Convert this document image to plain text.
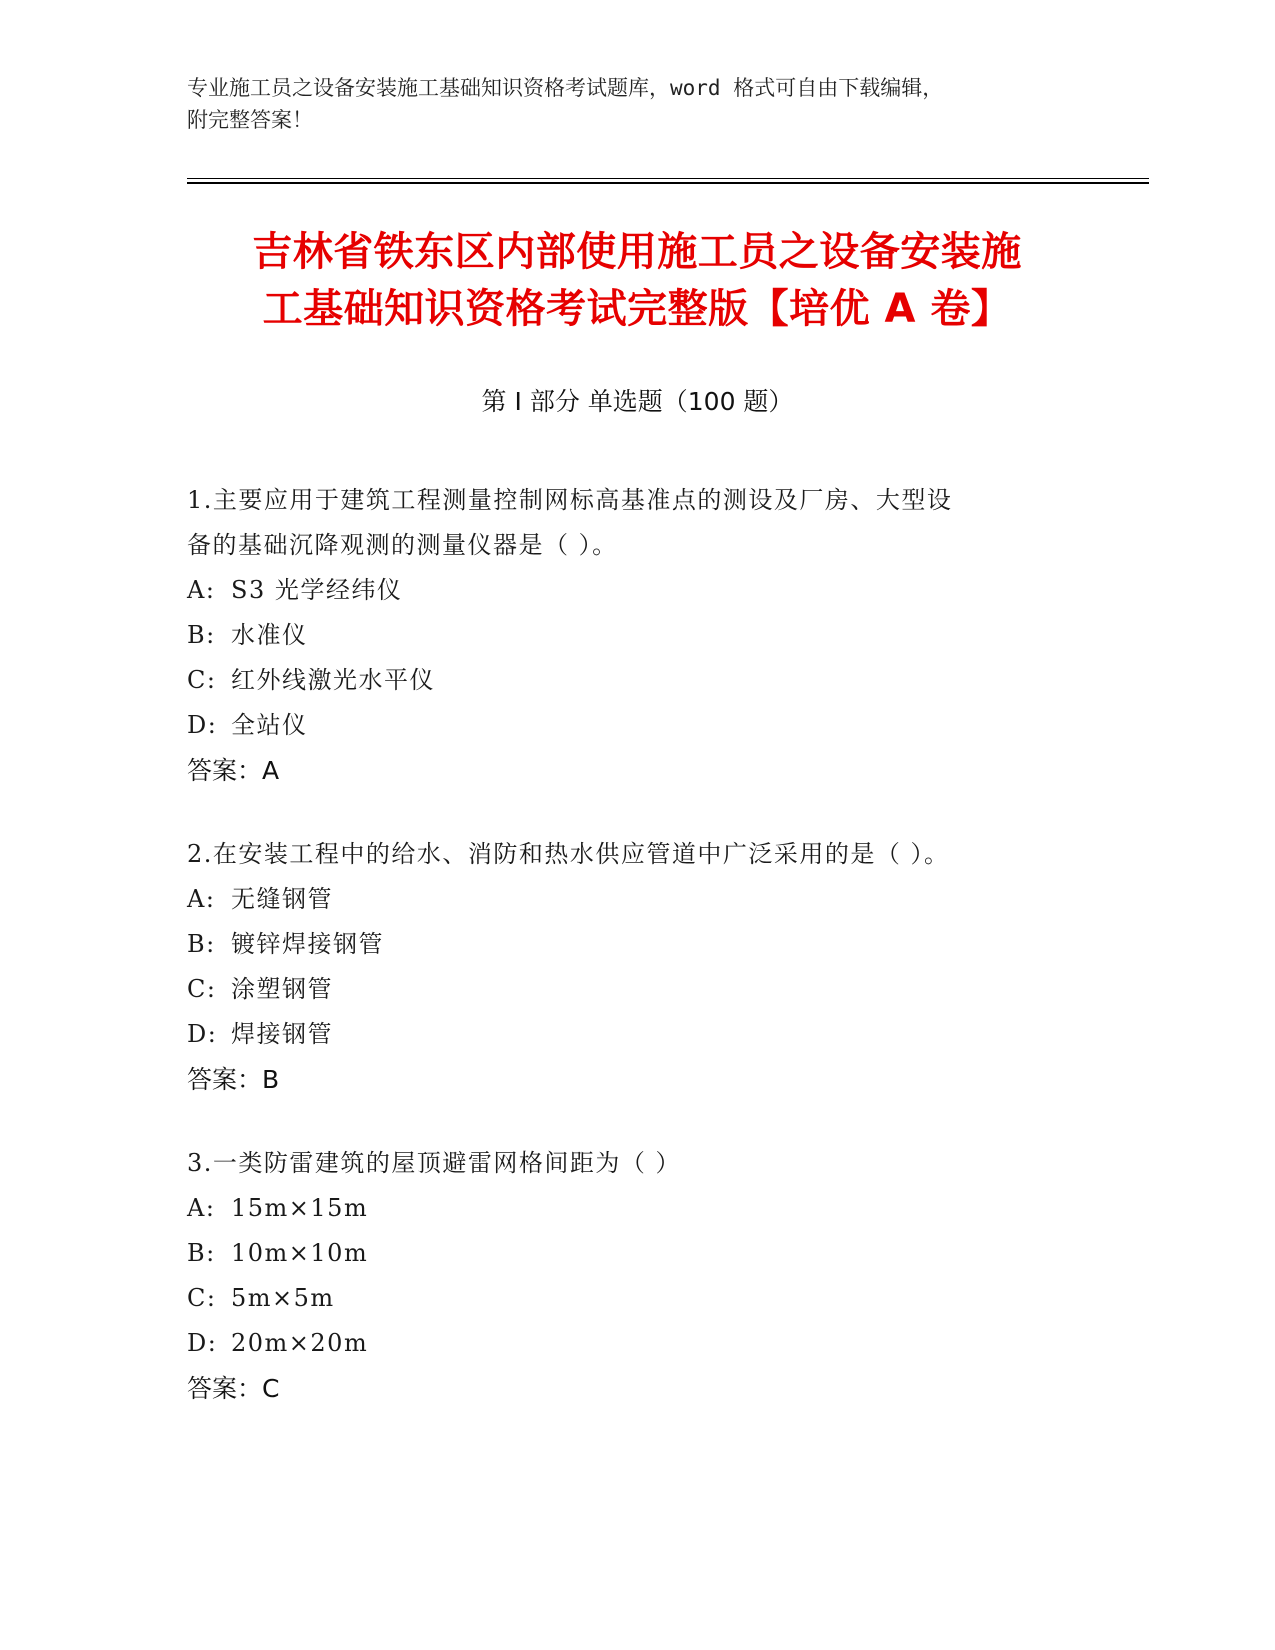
专业施工员之设备安装施工基础知识资格考试题库，word 格式可自由下载编辑，
附完整答案！
吉林省铁东区内部使用施工员之设备安装施
工基础知识资格考试完整版【培优 A 卷】
第 I 部分 单选题（100 题）

1.主要应用于建筑工程测量控制网标高基准点的测设及厂房、大型设
备的基础沉降观测的测量仪器是（ ）。

A: S3 光学经纬仪

B: 水准仪

C: 红外线激光水平仪

D: 全站仪

答案：A

2.在安装工程中的给水、消防和热水供应管道中广泛采用的是（ ）。

A: 无缝钢管

B: 镀锌焊接钢管

C: 涂塑钢管

D: 焊接钢管

答案：B

3.一类防雷建筑的屋顶避雷网格间距为（ ）

A: 15m×15m

B: 10m×10m

C: 5m×5m

D: 20m×20m

答案：C
